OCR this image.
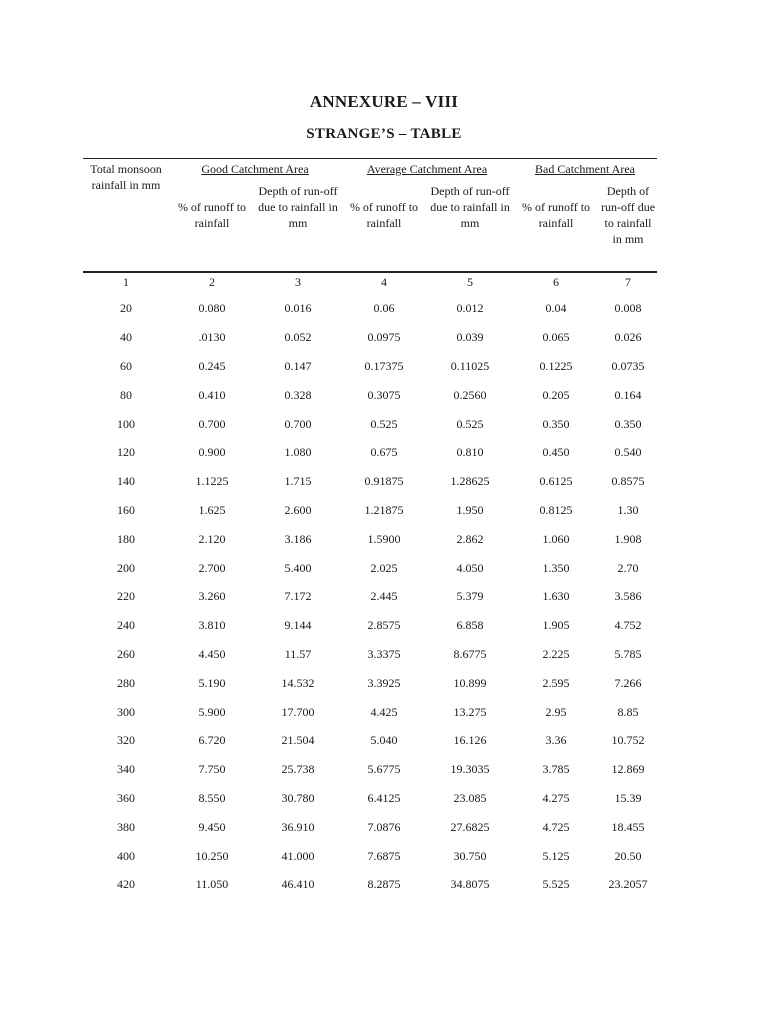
ANNEXURE – VIII
STRANGE’S – TABLE
Total monsoon rainfall in mm	Good Catchment Area		Average Catchment Area		Bad Catchment Area	
	% of runoff to rainfall	Depth of run-off due to rainfall in mm	% of runoff to rainfall	Depth of run-off due to rainfall in mm	% of runoff to rainfall	Depth of run-off due to rainfall in mm
1	2	3	4	5	6	7
20	0.080	0.016	0.06	0.012	0.04	0.008
40	.0130	0.052	0.0975	0.039	0.065	0.026
60	0.245	0.147	0.17375	0.11025	0.1225	0.0735
80	0.410	0.328	0.3075	0.2560	0.205	0.164
100	0.700	0.700	0.525	0.525	0.350	0.350
120	0.900	1.080	0.675	0.810	0.450	0.540
140	1.1225	1.715	0.91875	1.28625	0.6125	0.8575
160	1.625	2.600	1.21875	1.950	0.8125	1.30
180	2.120	3.186	1.5900	2.862	1.060	1.908
200	2.700	5.400	2.025	4.050	1.350	2.70
220	3.260	7.172	2.445	5.379	1.630	3.586
240	3.810	9.144	2.8575	6.858	1.905	4.752
260	4.450	11.57	3.3375	8.6775	2.225	5.785
280	5.190	14.532	3.3925	10.899	2.595	7.266
300	5.900	17.700	4.425	13.275	2.95	8.85
320	6.720	21.504	5.040	16.126	3.36	10.752
340	7.750	25.738	5.6775	19.3035	3.785	12.869
360	8.550	30.780	6.4125	23.085	4.275	15.39
380	9.450	36.910	7.0876	27.6825	4.725	18.455
400	10.250	41.000	7.6875	30.750	5.125	20.50
420	11.050	46.410	8.2875	34.8075	5.525	23.2057
